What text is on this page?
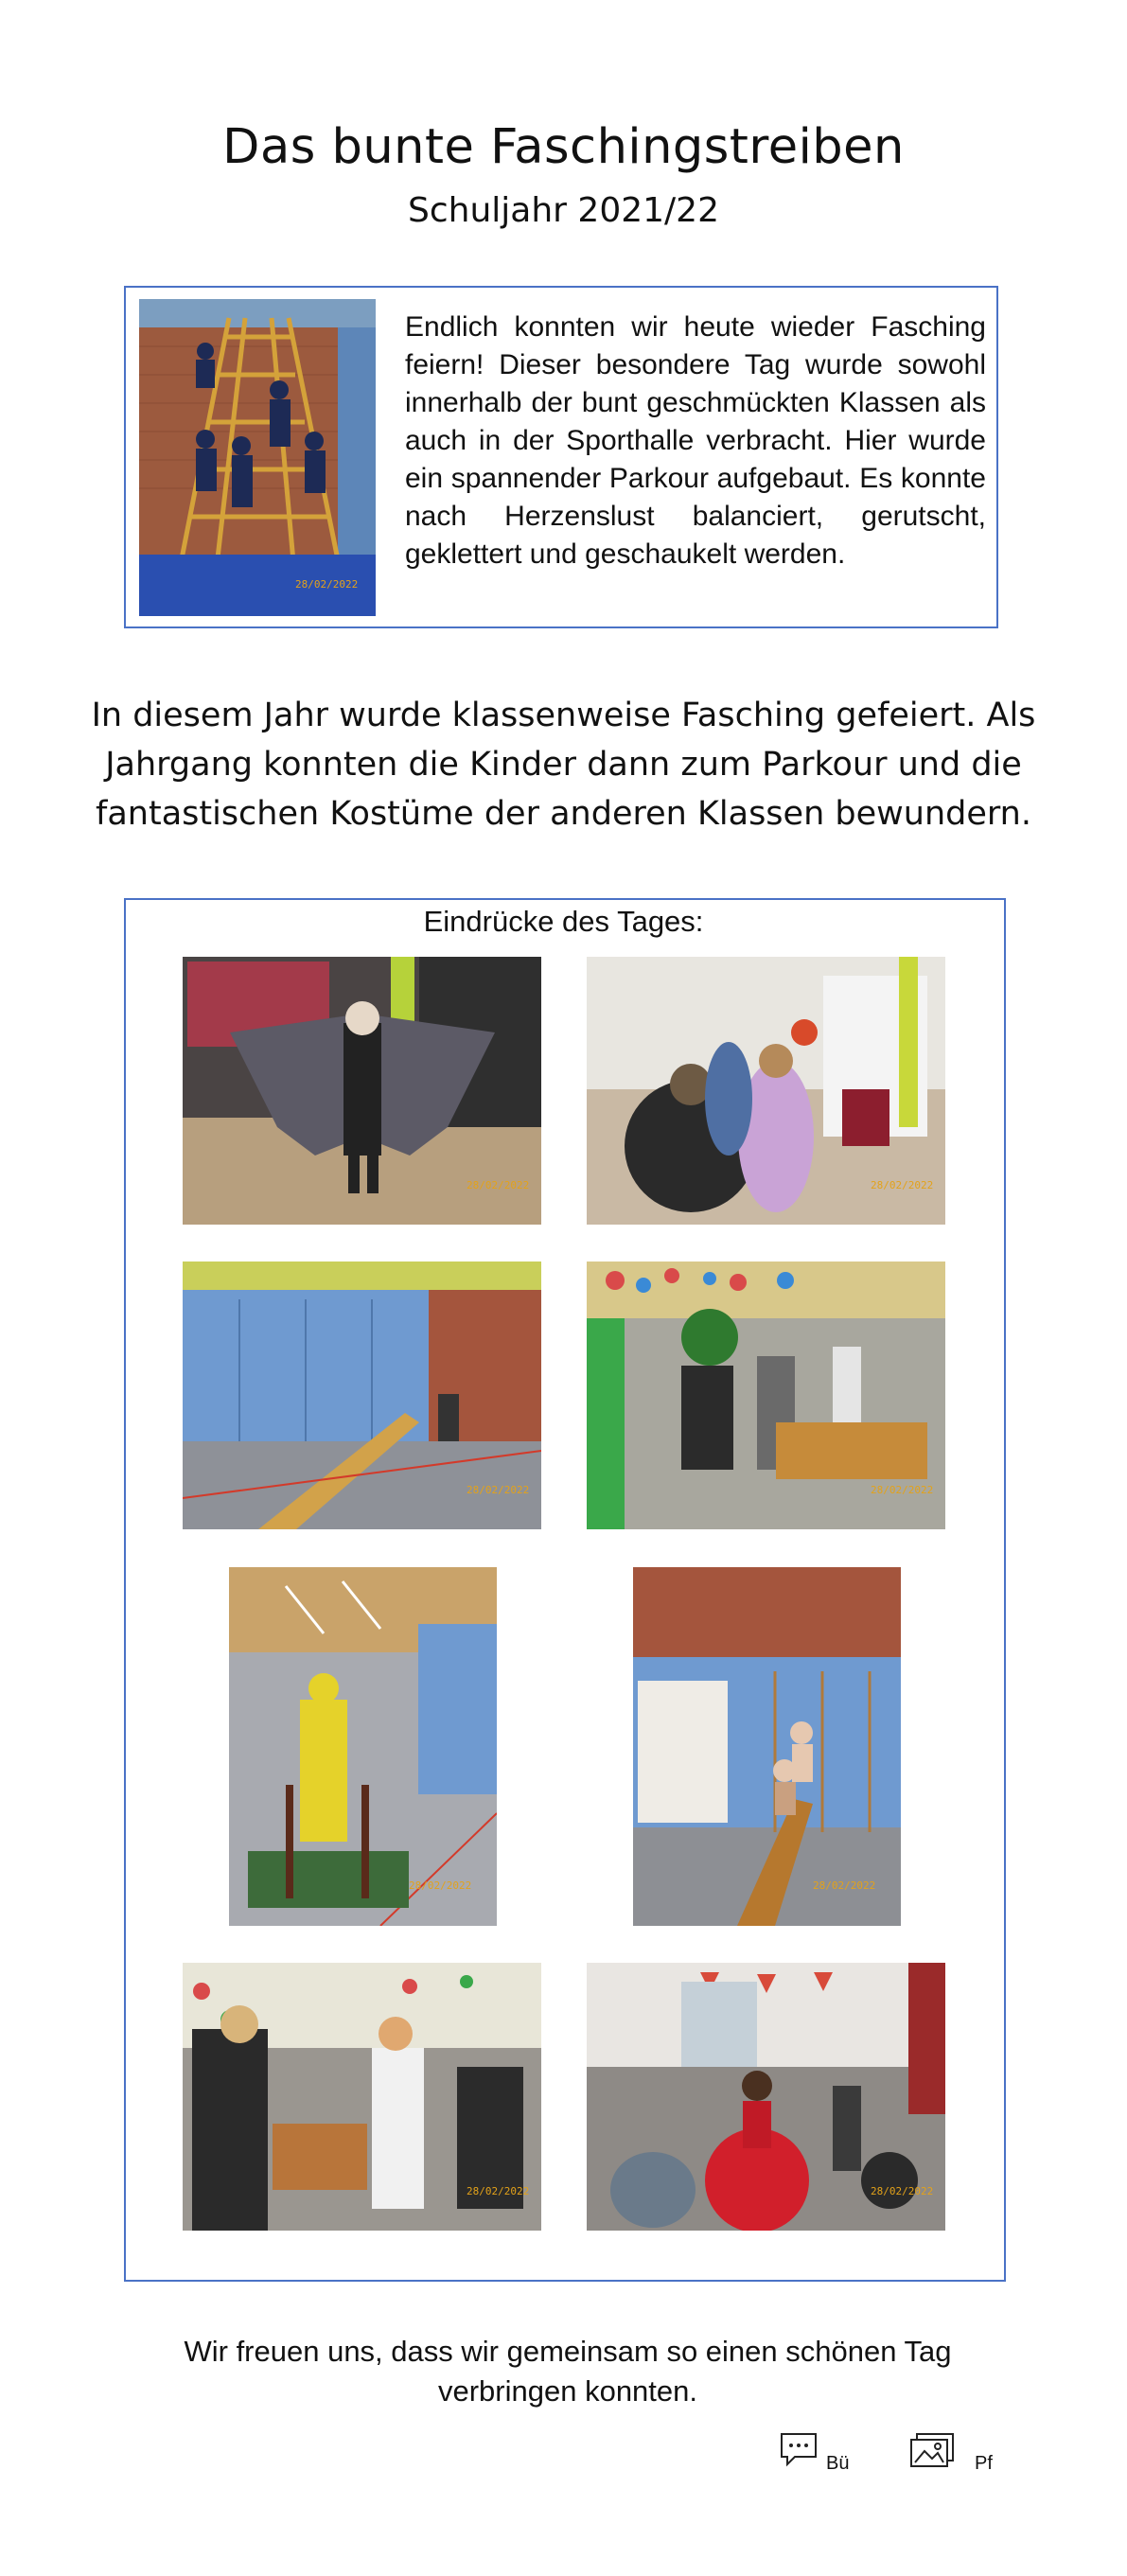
Das bunte Faschingstreiben
Schuljahr 2021/22
28/02/2022
Endlich konnten wir heute wieder Fasching feiern! Dieser besondere Tag wurde sowohl innerhalb der bunt geschmückten Klassen als auch in der Sporthalle verbracht. Hier wurde ein spannender Parkour aufgebaut. Es konnte nach Herzenslust balanciert, gerutscht, geklettert und geschaukelt werden.
In diesem Jahr wurde klassenweise Fasching gefeiert. Als Jahrgang konnten die Kinder dann zum Parkour und die fantastischen Kostüme der anderen Klassen bewundern.
Eindrücke des Tages:
28/02/2022	28/02/2022
28/02/2022	28/02/2022
28/02/2022	28/02/2022
28/02/2022	28/02/2022
Wir freuen uns, dass wir gemeinsam so einen schönen Tag verbringen konnten.
Bü	Pf
